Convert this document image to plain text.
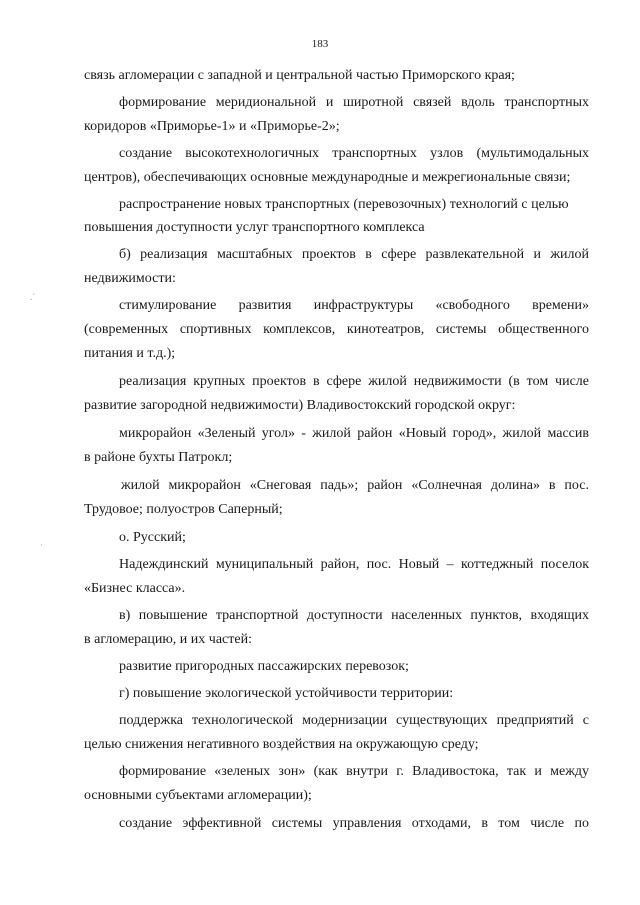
183
.ˊ
·
связь агломерации с западной и центральной частью Приморского края;
формирование меридиональной и широтной связей вдоль транспортных
коридоров «Приморье-1» и «Приморье-2»;
создание высокотехнологичных транспортных узлов (мультимодальных
центров), обеспечивающих основные международные и межрегиональные связи;
распространение новых транспортных (перевозочных) технологий с целью
повышения доступности услуг транспортного комплекса
б) реализация масштабных проектов в сфере развлекательной и жилой
недвижимости:
стимулирование развития инфраструктуры «свободного времени»
(современных спортивных комплексов, кинотеатров, системы общественного
питания и т.д.);
реализация крупных проектов в сфере жилой недвижимости (в том числе
развитие загородной недвижимости) Владивостокский городской округ:
микрорайон «Зеленый угол» - жилой район «Новый город», жилой массив
в районе бухты Патрокл;
жилой микрорайон «Снеговая падь»; район «Солнечная долина» в пос.
Трудовое; полуостров Саперный;
о. Русский;
Надеждинский муниципальный район, пос. Новый – коттеджный поселок
«Бизнес класса».
в) повышение транспортной доступности населенных пунктов, входящих
в агломерацию, и их частей:
развитие пригородных пассажирских перевозок;
г) повышение экологической устойчивости территории:
поддержка технологической модернизации существующих предприятий с
целью снижения негативного воздействия на окружающую среду;
формирование «зеленых зон» (как внутри г. Владивостока, так и между
основными субъектами агломерации);
создание эффективной системы управления отходами, в том числе по
